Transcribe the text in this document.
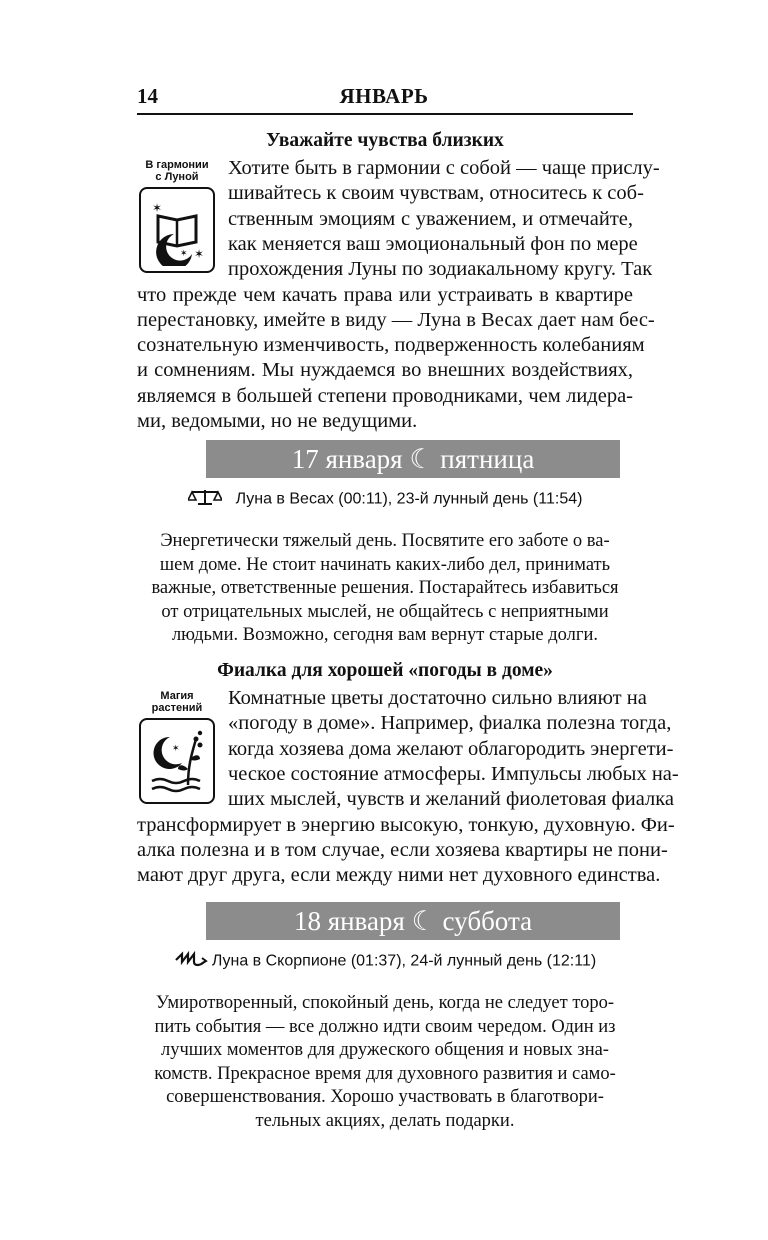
14	ЯНВАРЬ
Уважайте чувства близких
В гармонии
с Луной
✶
✶
✶
Хотите быть в гармонии с собой — чаще прислу-
шивайтесь к своим чувствам, относитесь к соб-
ственным эмоциям с уважением, и отмечайте,
как меняется ваш эмоциональный фон по мере
прохождения Луны по зодиакальному кругу. Так
что прежде чем качать права или устраивать в квартире
перестановку, имейте в виду — Луна в Весах дает нам бес-
сознательную изменчивость, подверженность колебаниям
и сомнениям. Мы нуждаемся во внешних воздействиях,
являемся в большей степени проводниками, чем лидера-
ми, ведомыми, но не ведущими.
17 января ☾ пятница
Луна в Весах (00:11), 23-й лунный день (11:54)
Энергетически тяжелый день. Посвятите его заботе о ва-
шем доме. Не стоит начинать каких-либо дел, принимать
важные, ответственные решения. Постарайтесь избавиться
от отрицательных мыслей, не общайтесь с неприятными
людьми. Возможно, сегодня вам вернут старые долги.
Фиалка для хорошей «погоды в доме»
Магия
растений
✶
Комнатные цветы достаточно сильно влияют на
«погоду в доме». Например, фиалка полезна тогда,
когда хозяева дома желают облагородить энергети-
ческое состояние атмосферы. Импульсы любых на-
ших мыслей, чувств и желаний фиолетовая фиалка
трансформирует в энергию высокую, тонкую, духовную. Фи-
алка полезна и в том случае, если хозяева квартиры не пони-
мают друг друга, если между ними нет духовного единства.
18 января ☾ суббота
Луна в Скорпионе (01:37), 24-й лунный день (12:11)
Умиротворенный, спокойный день, когда не следует торо-
пить события — все должно идти своим чередом. Один из
лучших моментов для дружеского общения и новых зна-
комств. Прекрасное время для духовного развития и само-
совершенствования. Хорошо участвовать в благотвори-
тельных акциях, делать подарки.
